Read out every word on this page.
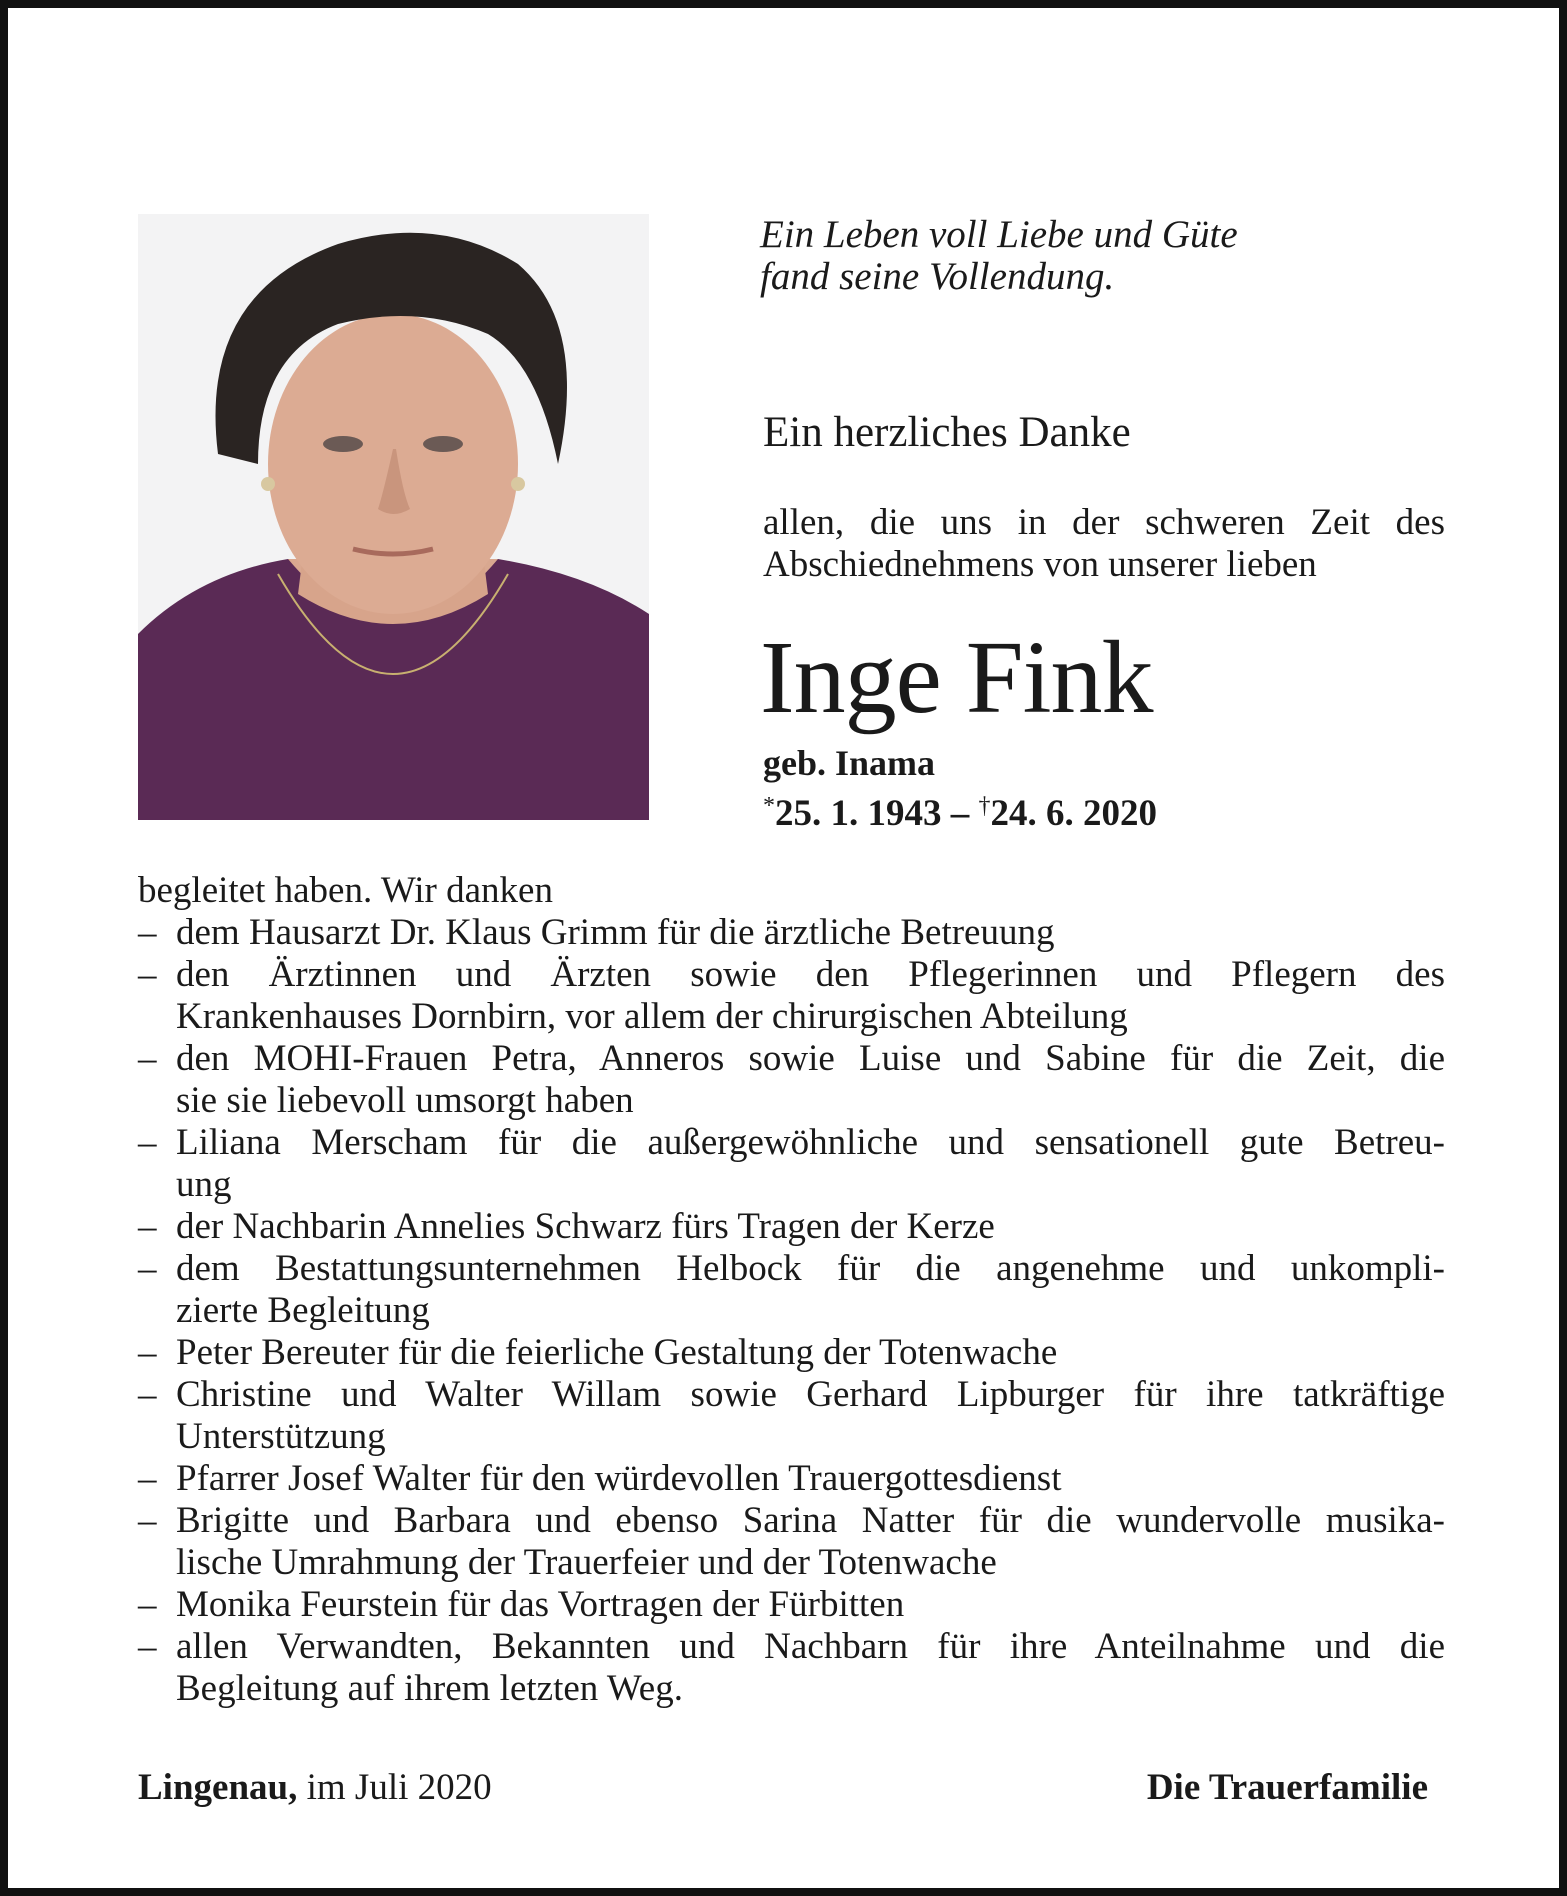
Ein Leben voll Liebe und Güte
fand seine Vollendung.
Ein herzliches Danke
allen, die uns in der schweren Zeit des
Abschiednehmens von unserer lieben
Inge Fink
geb. Inama
*25. 1. 1943 – †24. 6. 2020
begleitet haben. Wir danken
– dem Hausarzt Dr. Klaus Grimm für die ärztliche Betreuung
– den Ärztinnen und Ärzten sowie den Pflegerinnen und Pflegern des
Krankenhauses Dornbirn, vor allem der chirurgischen Abteilung
– den MOHI-Frauen Petra, Anneros sowie Luise und Sabine für die Zeit, die
sie sie liebevoll umsorgt haben
– Liliana Merscham für die außergewöhnliche und sensationell gute Betreu-
ung
– der Nachbarin Annelies Schwarz fürs Tragen der Kerze
– dem Bestattungsunternehmen Helbock für die angenehme und unkompli-
zierte Begleitung
– Peter Bereuter für die feierliche Gestaltung der Totenwache
– Christine und Walter Willam sowie Gerhard Lipburger für ihre tatkräftige
Unterstützung
– Pfarrer Josef Walter für den würdevollen Trauergottesdienst
– Brigitte und Barbara und ebenso Sarina Natter für die wundervolle musika-
lische Umrahmung der Trauerfeier und der Totenwache
– Monika Feurstein für das Vortragen der Fürbitten
– allen Verwandten, Bekannten und Nachbarn für ihre Anteilnahme und die
Begleitung auf ihrem letzten Weg.
Lingenau, im Juli 2020	Die Trauerfamilie
